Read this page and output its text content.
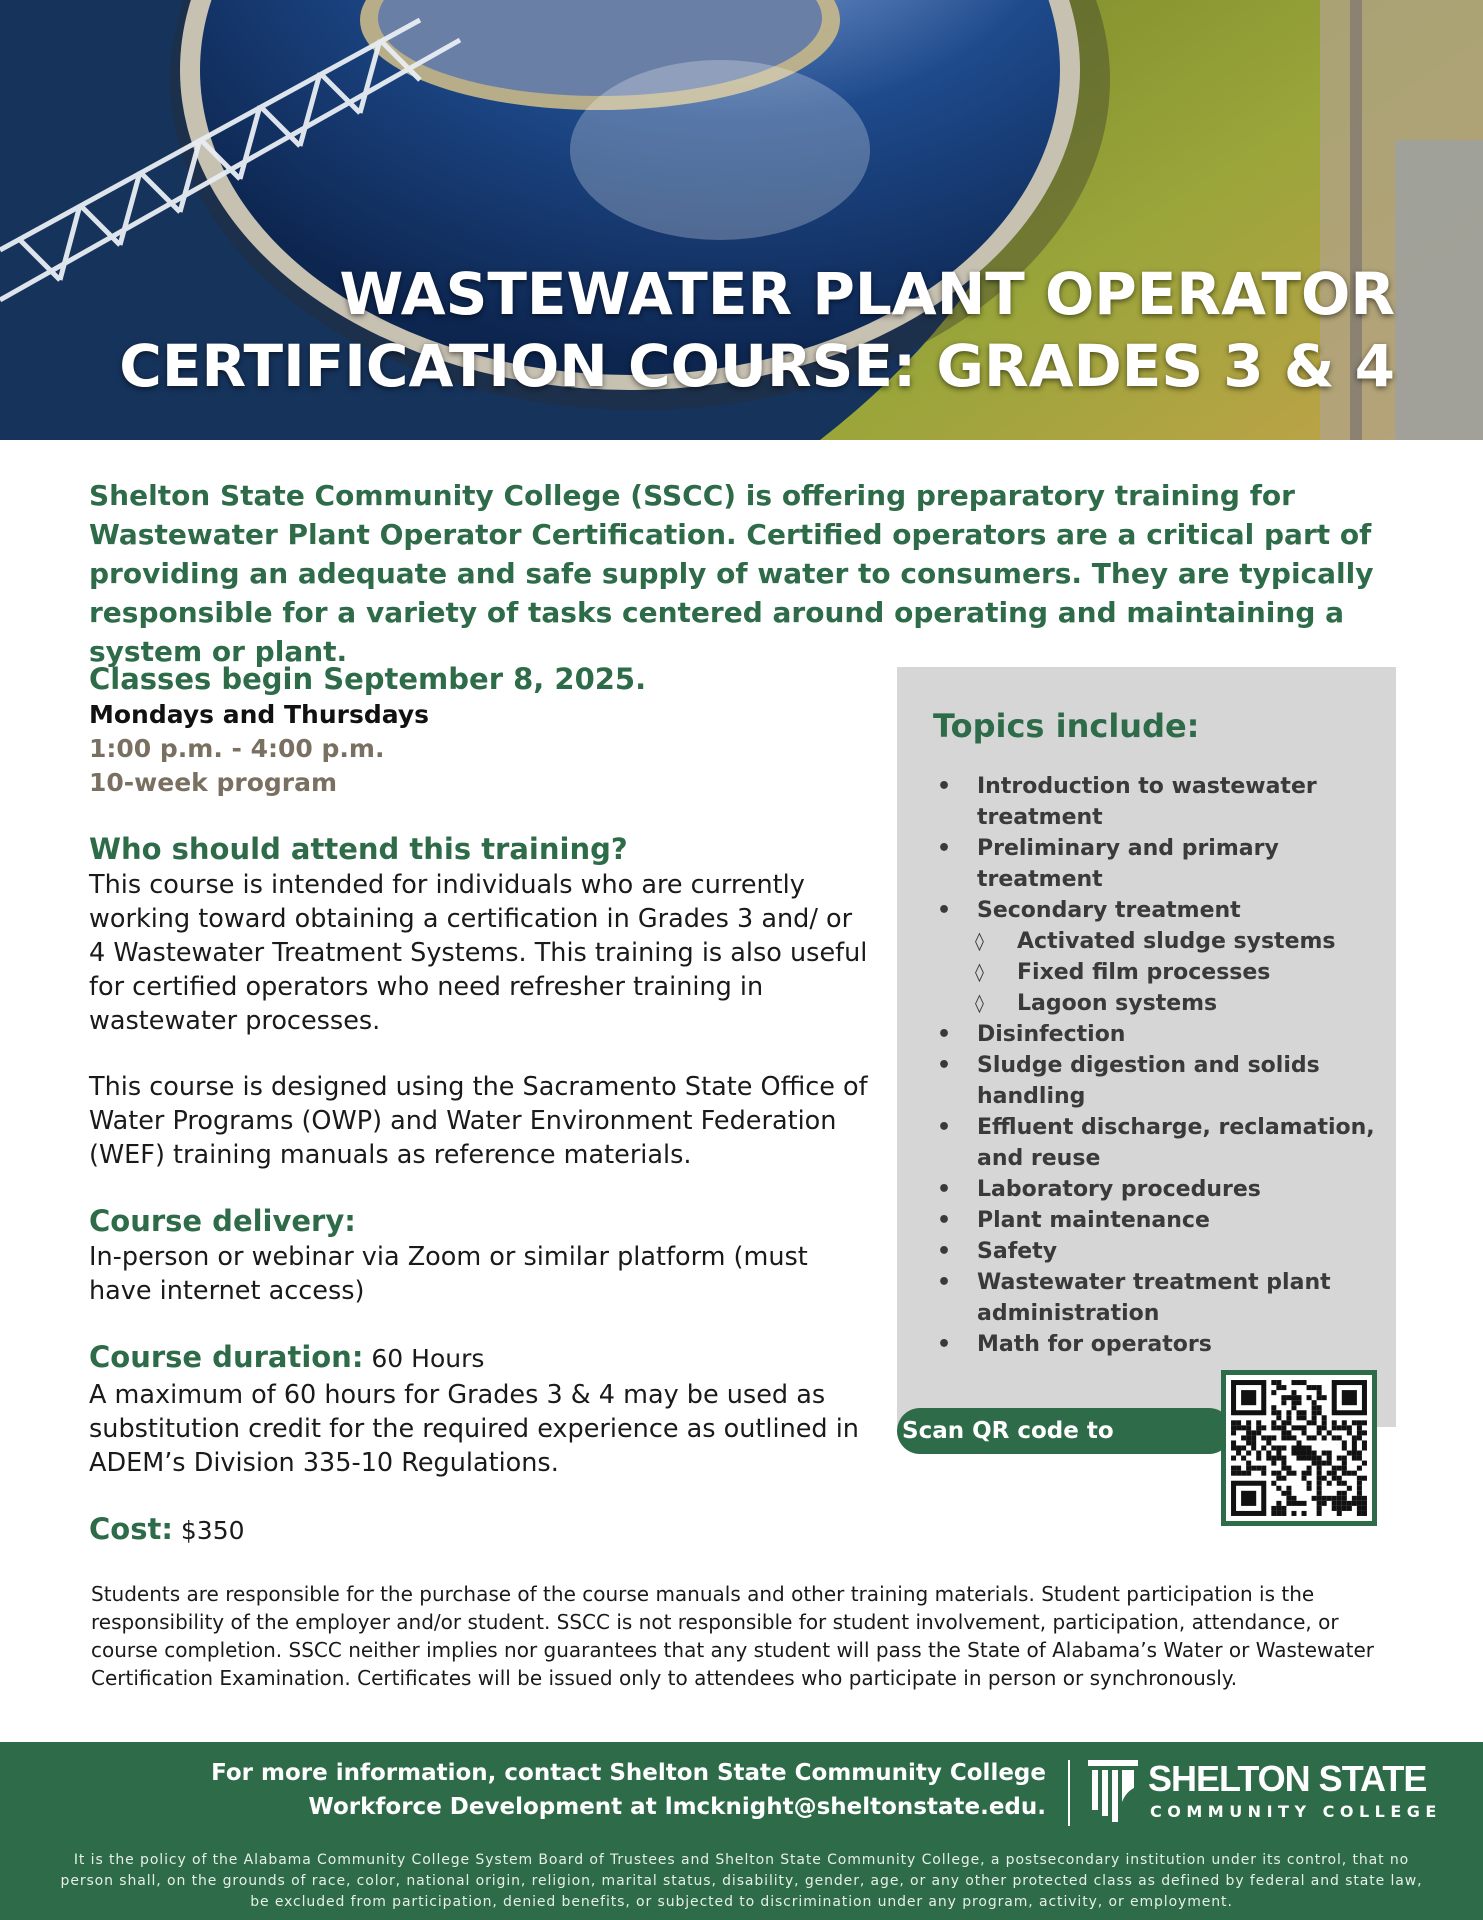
WASTEWATER PLANT OPERATOR
CERTIFICATION COURSE: GRADES 3 & 4
Shelton State Community College (SSCC) is offering preparatory training for Wastewater Plant Operator Certification. Certified operators are a critical part of providing an adequate and safe supply of water to consumers. They are typically responsible for a variety of tasks centered around operating and maintaining a system or plant.
Classes begin September 8, 2025.
Mondays and Thursdays
1:00 p.m. - 4:00 p.m.
10-week program
Who should attend this training?
This course is intended for individuals who are currently working toward obtaining a certification in Grades 3 and/ or 4 Wastewater Treatment Systems. This training is also useful for certified operators who need refresher training in wastewater processes.
This course is designed using the Sacramento State Office of Water Programs (OWP) and Water Environment Federation (WEF) training manuals as reference materials.
Course delivery:
In-person or webinar via Zoom or similar platform (must have internet access)
Course duration: 60 Hours
A maximum of 60 hours for Grades 3 & 4 may be used as substitution credit for the required experience as outlined in ADEM’s Division 335-10 Regulations.
Topics include:
• Introduction to wastewater treatment
• Preliminary and primary treatment
• Secondary treatment
◊ Activated sludge systems
◊ Fixed film processes
◊ Lagoon systems
• Disinfection
• Sludge digestion and solids handling
• Effluent discharge, reclamation, and reuse
• Laboratory procedures
• Plant maintenance
• Safety
• Wastewater treatment plant administration
• Math for operators
Scan QR code to register!
Cost: $350
Students are responsible for the purchase of the course manuals and other training materials. Student participation is the responsibility of the employer and/or student. SSCC is not responsible for student involvement, participation, attendance, or course completion. SSCC neither implies nor guarantees that any student will pass the State of Alabama’s Water or Wastewater Certification Examination. Certificates will be issued only to attendees who participate in person or synchronously.
For more information, contact Shelton State Community College
Workforce Development at lmcknight@sheltonstate.edu.
SHELTON STATE
COMMUNITY COLLEGE
It is the policy of the Alabama Community College System Board of Trustees and Shelton State Community College, a postsecondary institution under its control, that no person shall, on the grounds of race, color, national origin, religion, marital status, disability, gender, age, or any other protected class as defined by federal and state law, be excluded from participation, denied benefits, or subjected to discrimination under any program, activity, or employment.
